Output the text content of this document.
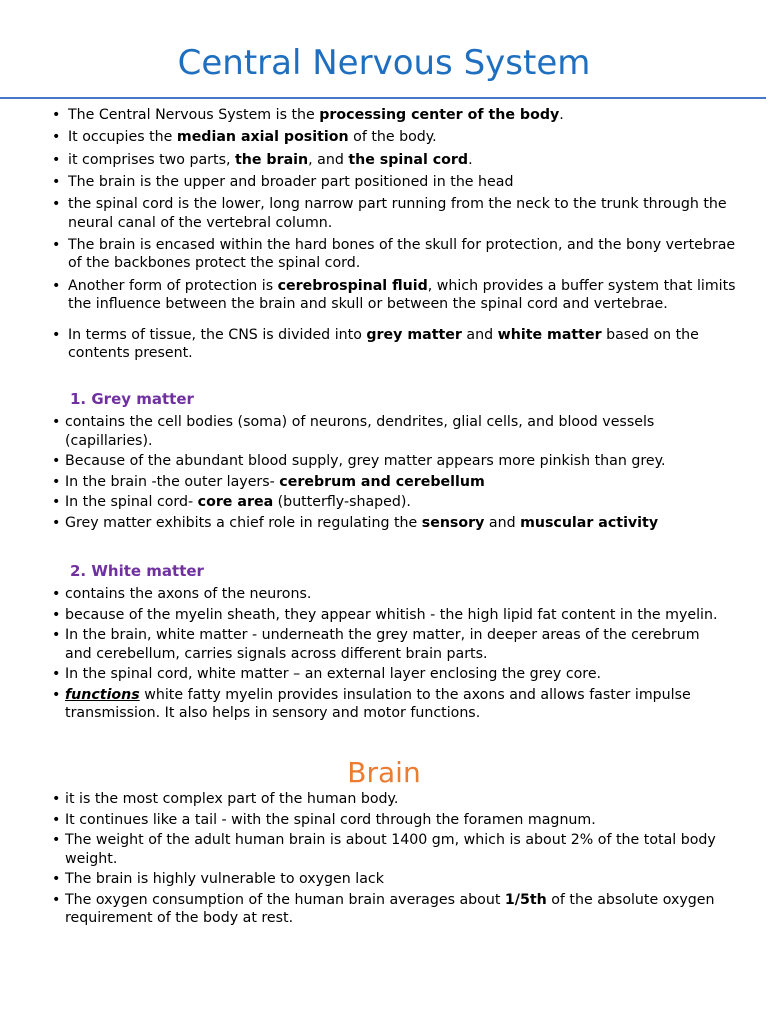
Central Nervous System
• The Central Nervous System is the processing center of the body.
• It occupies the median axial position of the body.
• it comprises two parts, the brain, and the spinal cord.
• The brain is the upper and broader part positioned in the head
• the spinal cord is the lower, long narrow part running from the neck to the trunk through the neural canal of the vertebral column.
• The brain is encased within the hard bones of the skull for protection, and the bony vertebrae of the backbones protect the spinal cord.
• Another form of protection is cerebrospinal fluid, which provides a buffer system that limits the influence between the brain and skull or between the spinal cord and vertebrae.
• In terms of tissue, the CNS is divided into grey matter and white matter based on the contents present.
1. Grey matter
• contains the cell bodies (soma) of neurons, dendrites, glial cells, and blood vessels (capillaries).
• Because of the abundant blood supply, grey matter appears more pinkish than grey.
• In the brain -the outer layers- cerebrum and cerebellum
• In the spinal cord- core area (butterfly-shaped).
• Grey matter exhibits a chief role in regulating the sensory and muscular activity
2. White matter
• contains the axons of the neurons.
• because of the myelin sheath, they appear whitish - the high lipid fat content in the myelin.
• In the brain, white matter - underneath the grey matter, in deeper areas of the cerebrum and cerebellum, carries signals across different brain parts.
• In the spinal cord, white matter – an external layer enclosing the grey core.
• functions white fatty myelin provides insulation to the axons and allows faster impulse transmission. It also helps in sensory and motor functions.
Brain
• it is the most complex part of the human body.
• It continues like a tail - with the spinal cord through the foramen magnum.
• The weight of the adult human brain is about 1400 gm, which is about 2% of the total body weight.
• The brain is highly vulnerable to oxygen lack
• The oxygen consumption of the human brain averages about 1/5th of the absolute oxygen requirement of the body at rest.
